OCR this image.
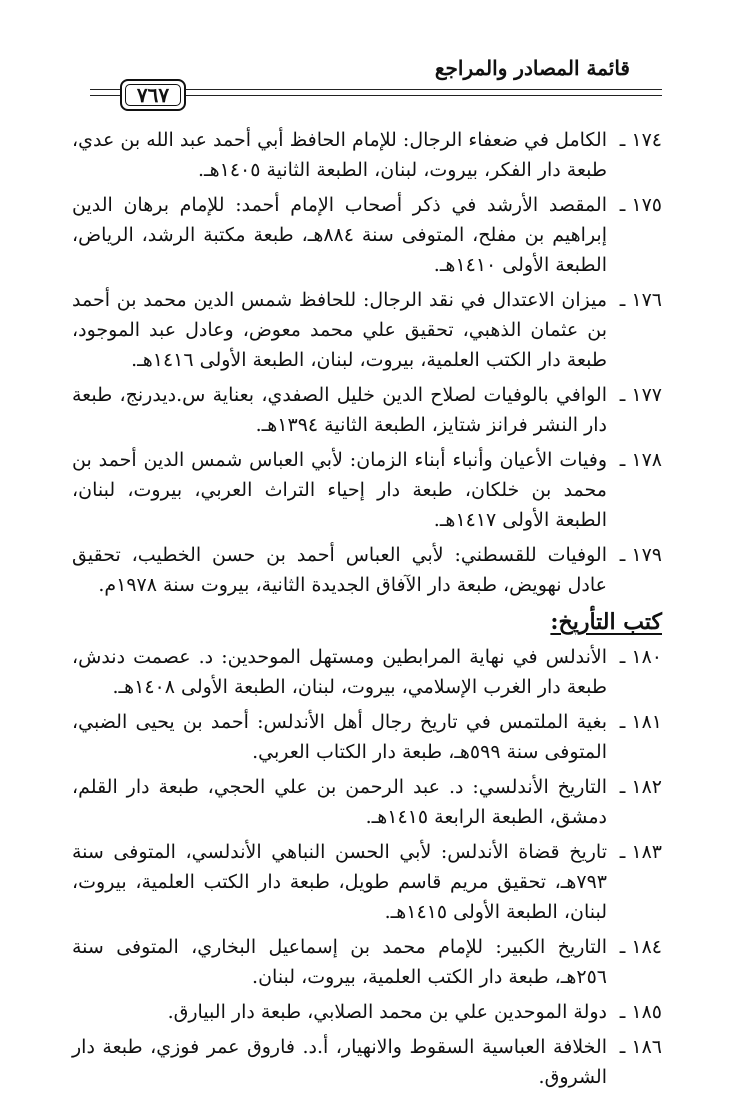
قائمة المصادر والمراجع
٧٦٧
١٧٤ ـ
الكامل في ضعفاء الرجال: للإمام الحافظ أبي أحمد عبد الله بن عدي، طبعة دار الفكر، بيروت، لبنان، الطبعة الثانية ١٤٠٥هـ.
١٧٥ ـ
المقصد الأرشد في ذكر أصحاب الإمام أحمد: للإمام برهان الدين إبراهيم بن مفلح، المتوفى سنة ٨٨٤هـ، طبعة مكتبة الرشد، الرياض، الطبعة الأولى ١٤١٠هـ.
١٧٦ ـ
ميزان الاعتدال في نقد الرجال: للحافظ شمس الدين محمد بن أحمد بن عثمان الذهبي، تحقيق علي محمد معوض، وعادل عبد الموجود، طبعة دار الكتب العلمية، بيروت، لبنان، الطبعة الأولى ١٤١٦هـ.
١٧٧ ـ
الوافي بالوفيات لصلاح الدين خليل الصفدي، بعناية س.ديدرنج، طبعة دار النشر فرانز شتايز، الطبعة الثانية ١٣٩٤هـ.
١٧٨ ـ
وفيات الأعيان وأنباء أبناء الزمان: لأبي العباس شمس الدين أحمد بن محمد بن خلكان، طبعة دار إحياء التراث العربي، بيروت، لبنان، الطبعة الأولى ١٤١٧هـ.
١٧٩ ـ
الوفيات للقسطني: لأبي العباس أحمد بن حسن الخطيب، تحقيق عادل نهويض، طبعة دار الآفاق الجديدة الثانية، بيروت سنة ١٩٧٨م.
كتب التأريخ:
١٨٠ ـ
الأندلس في نهاية المرابطين ومستهل الموحدين: د. عصمت دندش، طبعة دار الغرب الإسلامي، بيروت، لبنان، الطبعة الأولى ١٤٠٨هـ.
١٨١ ـ
بغية الملتمس في تاريخ رجال أهل الأندلس: أحمد بن يحيى الضبي، المتوفى سنة ٥٩٩هـ، طبعة دار الكتاب العربي.
١٨٢ ـ
التاريخ الأندلسي: د. عبد الرحمن بن علي الحجي، طبعة دار القلم، دمشق، الطبعة الرابعة ١٤١٥هـ.
١٨٣ ـ
تاريخ قضاة الأندلس: لأبي الحسن النباهي الأندلسي، المتوفى سنة ٧٩٣هـ، تحقيق مريم قاسم طويل، طبعة دار الكتب العلمية، بيروت، لبنان، الطبعة الأولى ١٤١٥هـ.
١٨٤ ـ
التاريخ الكبير: للإمام محمد بن إسماعيل البخاري، المتوفى سنة ٢٥٦هـ، طبعة دار الكتب العلمية، بيروت، لبنان.
١٨٥ ـ
دولة الموحدين علي بن محمد الصلابي، طبعة دار البيارق.
١٨٦ ـ
الخلافة العباسية السقوط والانهيار، أ.د. فاروق عمر فوزي، طبعة دار الشروق.
